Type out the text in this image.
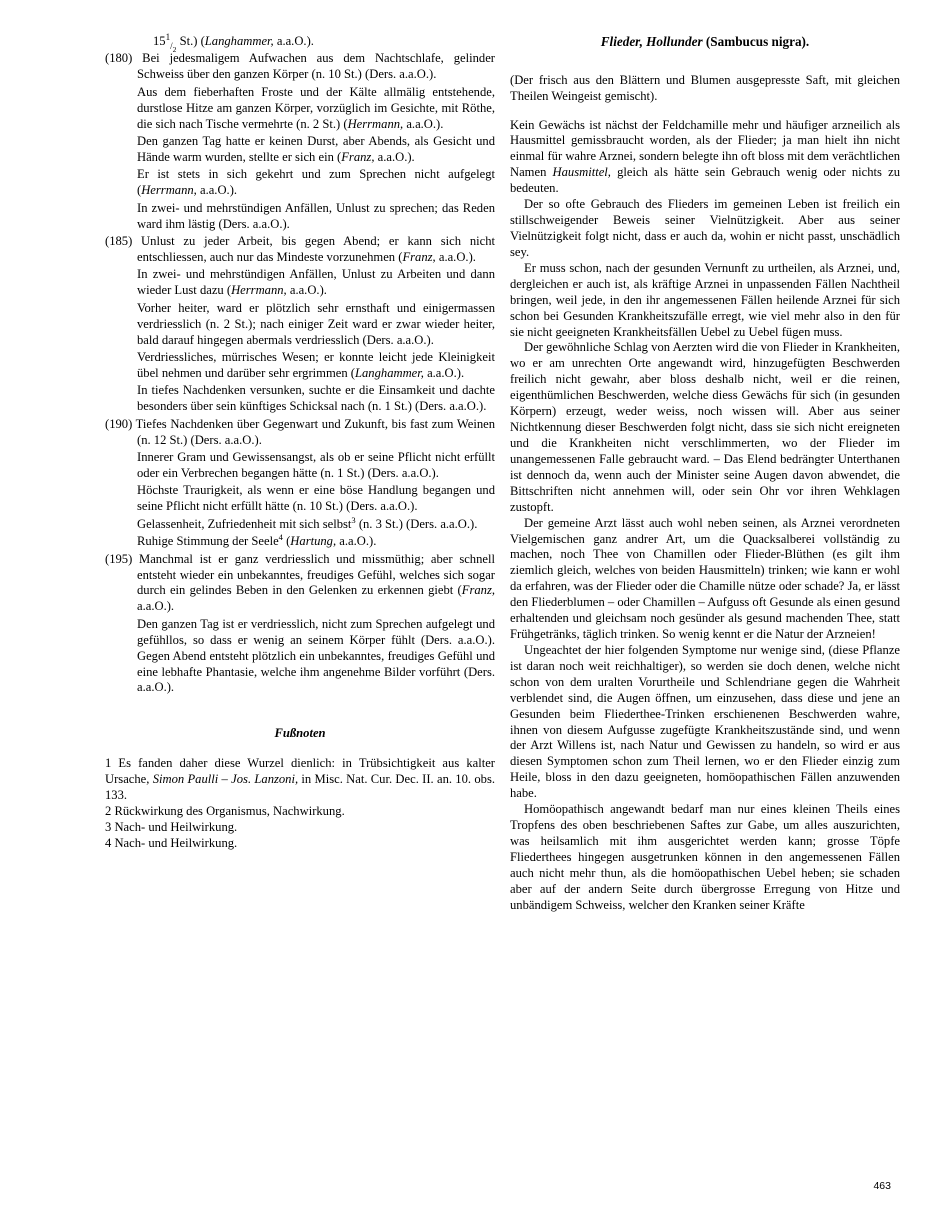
$15^1_{/_2}$ St.) (Langhammer, a.a.O.).

(180) Bei jedesmaligem Aufwachen aus dem Nachtschlafe, gelinder Schweiss über den ganzen Körper (n. 10 St.) (Ders. a.a.O.).

Aus dem fieberhaften Froste und der Kälte allmälig entstehende, durstlose Hitze am ganzen Körper, vorzüglich im Gesichte, mit Röthe, die sich nach Tische vermehrte (n. 2 St.) (Herrmann, a.a.O.).

Den ganzen Tag hatte er keinen Durst, aber Abends, als Gesicht und Hände warm wurden, stellte er sich ein (Franz, a.a.O.).

Er ist stets in sich gekehrt und zum Sprechen nicht aufgelegt (Herrmann, a.a.O.).

In zwei- und mehrstündigen Anfällen, Unlust zu sprechen; das Reden ward ihm lästig (Ders. a.a.O.).

(185) Unlust zu jeder Arbeit, bis gegen Abend; er kann sich nicht entschliessen, auch nur das Mindeste vorzunehmen (Franz, a.a.O.).

In zwei- und mehrstündigen Anfällen, Unlust zu Arbeiten und dann wieder Lust dazu (Herrmann, a.a.O.).

Vorher heiter, ward er plötzlich sehr ernsthaft und einigermassen verdriesslich (n. 2 St.); nach einiger Zeit ward er zwar wieder heiter, bald darauf hingegen abermals verdriesslich (Ders. a.a.O.).

Verdriessliches, mürrisches Wesen; er konnte leicht jede Kleinigkeit übel nehmen und darüber sehr ergrimmen (Langhammer, a.a.O.).

In tiefes Nachdenken versunken, suchte er die Einsamkeit und dachte besonders über sein künftiges Schicksal nach (n. 1 St.) (Ders. a.a.O.).

(190) Tiefes Nachdenken über Gegenwart und Zukunft, bis fast zum Weinen (n. 12 St.) (Ders. a.a.O.).

Innerer Gram und Gewissensangst, als ob er seine Pflicht nicht erfüllt oder ein Verbrechen begangen hätte (n. 1 St.) (Ders. a.a.O.).

Höchste Traurigkeit, als wenn er eine böse Handlung begangen und seine Pflicht nicht erfüllt hätte (n. 10 St.) (Ders. a.a.O.).

Gelassenheit, Zufriedenheit mit sich selbst$^3$ (n. 3 St.) (Ders. a.a.O.).

Ruhige Stimmung der Seele$^4$ (Hartung, a.a.O.).

(195) Manchmal ist er ganz verdriesslich und missmüthig; aber schnell entsteht wieder ein unbekanntes, freudiges Gefühl, welches sich sogar durch ein gelindes Beben in den Gelenken zu erkennen giebt (Franz, a.a.O.).

Den ganzen Tag ist er verdriesslich, nicht zum Sprechen aufgelegt und gefühllos, so dass er wenig an seinem Körper fühlt (Ders. a.a.O.). Gegen Abend entsteht plötzlich ein unbekanntes, freudiges Gefühl und eine lebhafte Phantasie, welche ihm angenehme Bilder vorführt (Ders. a.a.O.).

Fußnoten

1 Es fanden daher diese Wurzel dienlich: in Trübsichtigkeit aus kalter Ursache, Simon Paulli – Jos. Lanzoni, in Misc. Nat. Cur. Dec. II. an. 10. obs. 133.

2 Rückwirkung des Organismus, Nachwirkung.

3 Nach- und Heilwirkung.

4 Nach- und Heilwirkung.

Flieder, Hollunder (Sambucus nigra).

(Der frisch aus den Blättern und Blumen ausgepresste Saft, mit gleichen Theilen Weingeist gemischt).

Kein Gewächs ist nächst der Feldchamille mehr und häufiger arzneilich als Hausmittel gemissbraucht worden, als der Flieder; ja man hielt ihn nicht einmal für wahre Arznei, sondern belegte ihn oft bloss mit dem verächtlichen Namen Hausmittel, gleich als hätte sein Gebrauch wenig oder nichts zu bedeuten.

Der so ofte Gebrauch des Flieders im gemeinen Leben ist freilich ein stillschweigender Beweis seiner Vielnützigkeit. Aber aus seiner Vielnützigkeit folgt nicht, dass er auch da, wohin er nicht passt, unschädlich sey.

Er muss schon, nach der gesunden Vernunft zu urtheilen, als Arznei, und, dergleichen er auch ist, als kräftige Arznei in unpassenden Fällen Nachtheil bringen, weil jede, in den ihr angemessenen Fällen heilende Arznei für sich schon bei Gesunden Krankheitszufälle erregt, wie viel mehr also in den für sie nicht geeigneten Krankheitsfällen Uebel zu Uebel fügen muss.

Der gewöhnliche Schlag von Aerzten wird die von Flieder in Krankheiten, wo er am unrechten Orte angewandt wird, hinzugefügten Beschwerden freilich nicht gewahr, aber bloss deshalb nicht, weil er die reinen, eigenthümlichen Beschwerden, welche diess Gewächs für sich (in gesunden Körpern) erzeugt, weder weiss, noch wissen will. Aber aus seiner Nichtkennung dieser Beschwerden folgt nicht, dass sie sich nicht ereigneten und die Krankheiten nicht verschlimmerten, wo der Flieder im unangemessenen Falle gebraucht ward. – Das Elend bedrängter Unterthanen ist dennoch da, wenn auch der Minister seine Augen davon abwendet, die Bittschriften nicht annehmen will, oder sein Ohr vor ihren Wehklagen zustopft.

Der gemeine Arzt lässt auch wohl neben seinen, als Arznei verordneten Vielgemischen ganz andrer Art, um die Quacksalberei vollständig zu machen, noch Thee von Chamillen oder Flieder-Blüthen (es gilt ihm ziemlich gleich, welches von beiden Hausmitteln) trinken; wie kann er wohl da erfahren, was der Flieder oder die Chamille nütze oder schade? Ja, er lässt den Fliederblumen – oder Chamillen – Aufguss oft Gesunde als einen gesund erhaltenden und gleichsam noch gesünder als gesund machenden Thee, statt Frühgetränks, täglich trinken. So wenig kennt er die Natur der Arzneien!

Ungeachtet der hier folgenden Symptome nur wenige sind, (diese Pflanze ist daran noch weit reichhaltiger), so werden sie doch denen, welche nicht schon von dem uralten Vorurtheile und Schlendriane gegen die Wahrheit verblendet sind, die Augen öffnen, um einzusehen, dass diese und jene an Gesunden beim Fliederthee-Trinken erschienenen Beschwerden wahre, ihnen von diesem Aufgusse zugefügte Krankheitszustände sind, und wenn der Arzt Willens ist, nach Natur und Gewissen zu handeln, so wird er aus diesen Symptomen schon zum Theil lernen, wo er den Flieder einzig zum Heile, bloss in den dazu geeigneten, homöopathischen Fällen anzuwenden habe.

Homöopathisch angewandt bedarf man nur eines kleinen Theils eines Tropfens des oben beschriebenen Saftes zur Gabe, um alles auszurichten, was heilsamlich mit ihm ausgerichtet werden kann; grosse Töpfe Fliederthees hingegen ausgetrunken können in den angemessenen Fällen auch nicht mehr thun, als die homöopathischen Uebel heben; sie schaden aber auf der andern Seite durch übergrosse Erregung von Hitze und unbändigem Schweiss, welcher den Kranken seiner Kräfte

463
